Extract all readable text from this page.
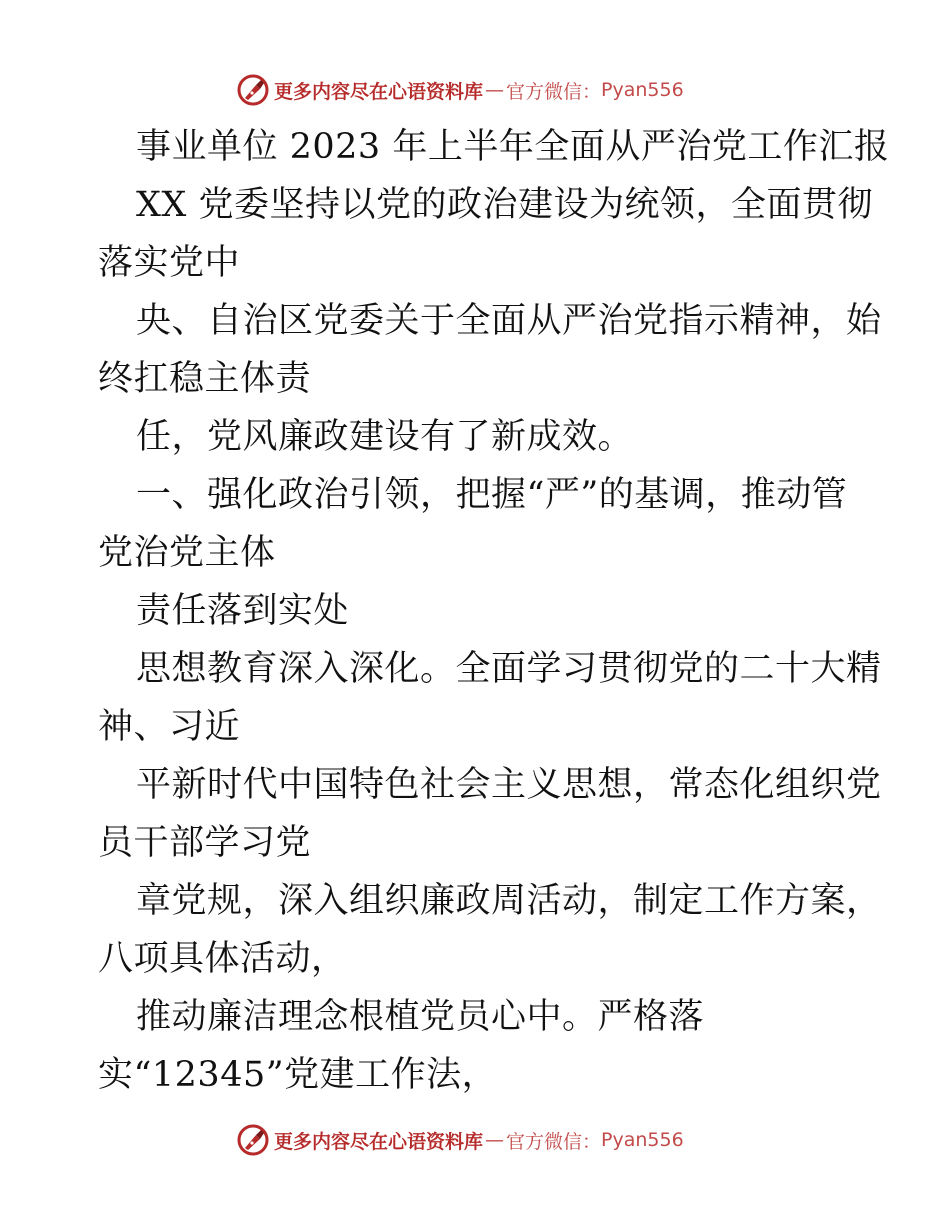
更多内容尽在心语资料库 — 官方微信： Pyan556
事业单位 2023 年上半年全面从严治党工作汇报
XX 党委坚持以党的政治建设为统领，全面贯彻
落实党中
央、自治区党委关于全面从严治党指示精神，始
终扛稳主体责
任，党风廉政建设有了新成效。
一、强化政治引领，把握“严”的基调，推动管
党治党主体
责任落到实处
思想教育深入深化。全面学习贯彻党的二十大精
神、习近
平新时代中国特色社会主义思想，常态化组织党
员干部学习党
章党规，深入组织廉政周活动，制定工作方案，
八项具体活动，
推动廉洁理念根植党员心中。严格落
实“12345”党建工作法，
更多内容尽在心语资料库 — 官方微信： Pyan556
